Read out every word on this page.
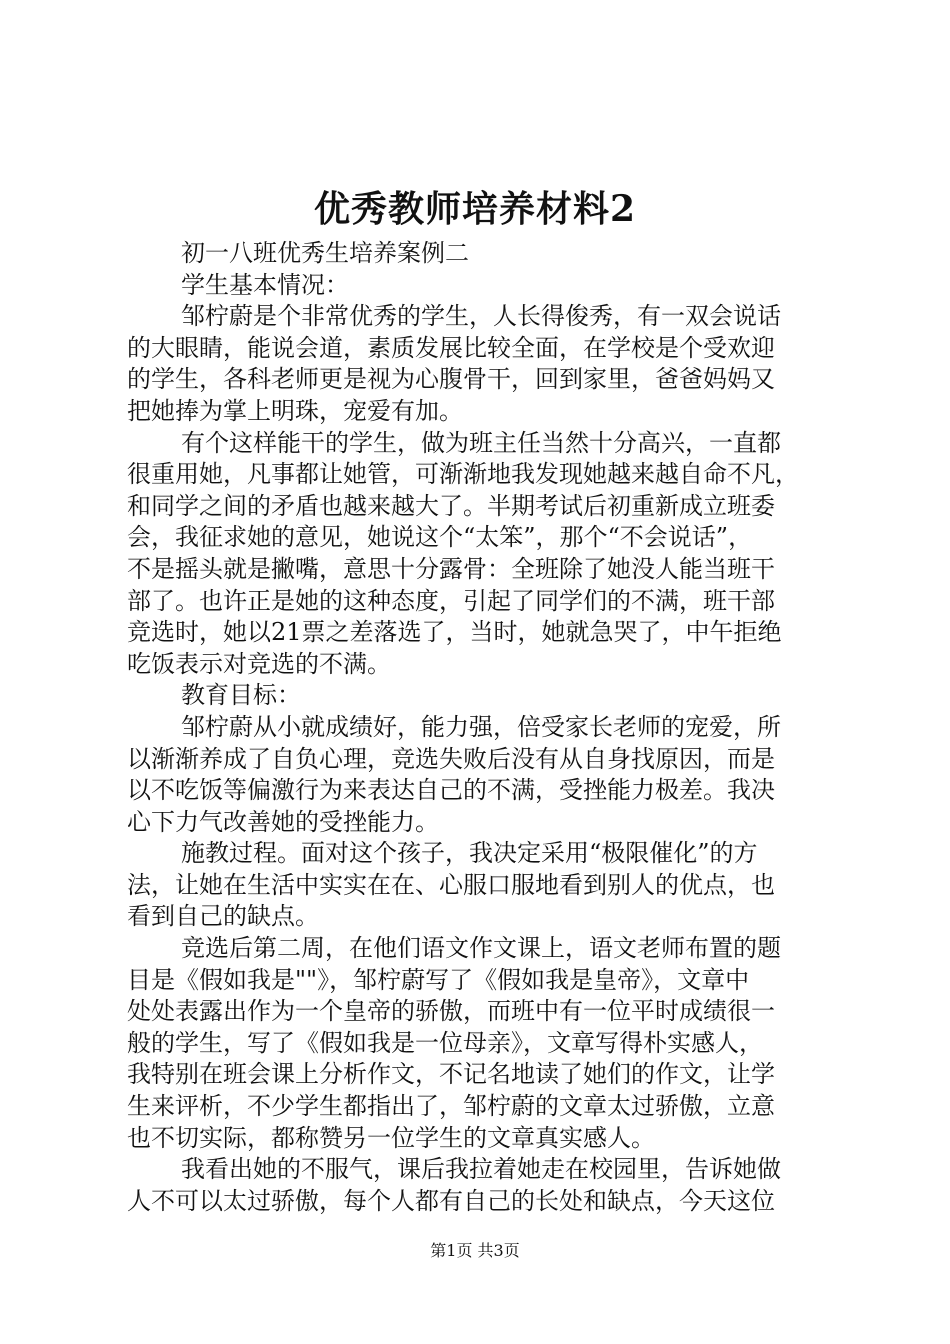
优秀教师培养材料2
初一八班优秀生培养案例二
学生基本情况：
邹柠蔚是个非常优秀的学生，人长得俊秀，有一双会说话
的大眼睛，能说会道，素质发展比较全面，在学校是个受欢迎
的学生，各科老师更是视为心腹骨干，回到家里，爸爸妈妈又
把她捧为掌上明珠，宠爱有加。
有个这样能干的学生，做为班主任当然十分高兴，一直都
很重用她，凡事都让她管，可渐渐地我发现她越来越自命不凡，
和同学之间的矛盾也越来越大了。半期考试后初重新成立班委
会，我征求她的意见，她说这个“太笨”，那个“不会说话”，
不是摇头就是撇嘴，意思十分露骨：全班除了她没人能当班干
部了。也许正是她的这种态度，引起了同学们的不满，班干部
竞选时，她以21票之差落选了，当时，她就急哭了，中午拒绝
吃饭表示对竞选的不满。
教育目标：
邹柠蔚从小就成绩好，能力强，倍受家长老师的宠爱，所
以渐渐养成了自负心理，竞选失败后没有从自身找原因，而是
以不吃饭等偏激行为来表达自己的不满，受挫能力极差。我决
心下力气改善她的受挫能力。
施教过程。面对这个孩子，我决定采用“极限催化”的方
法，让她在生活中实实在在、心服口服地看到别人的优点，也
看到自己的缺点。
竞选后第二周，在他们语文作文课上，语文老师布置的题
目是《假如我是""》，邹柠蔚写了《假如我是皇帝》，文章中
处处表露出作为一个皇帝的骄傲，而班中有一位平时成绩很一
般的学生，写了《假如我是一位母亲》，文章写得朴实感人，
我特别在班会课上分析作文，不记名地读了她们的作文，让学
生来评析，不少学生都指出了，邹柠蔚的文章太过骄傲，立意
也不切实际，都称赞另一位学生的文章真实感人。
我看出她的不服气，课后我拉着她走在校园里，告诉她做
人不可以太过骄傲，每个人都有自己的长处和缺点，今天这位
第1页 共3页
